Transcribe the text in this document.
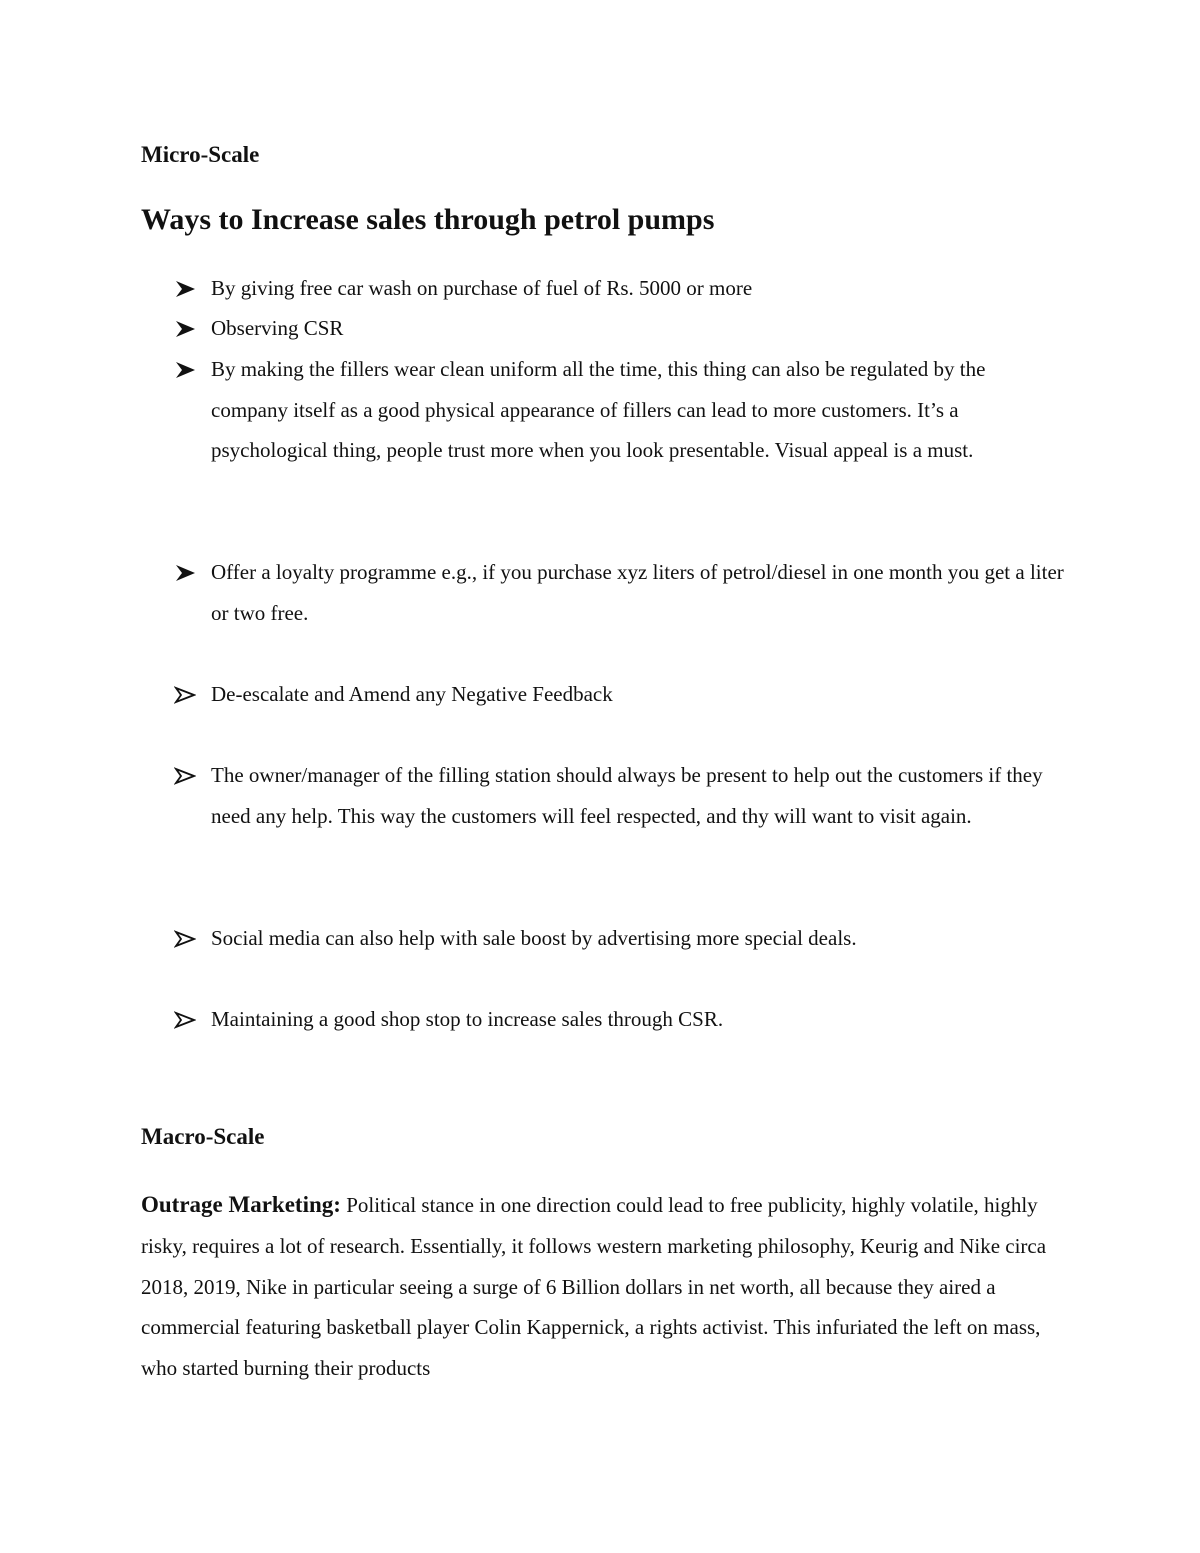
Micro-Scale
Ways to Increase sales through petrol pumps
By giving free car wash on purchase of fuel of Rs. 5000 or more
Observing CSR
By making the fillers wear clean uniform all the time, this thing can also be regulated by the company itself as a good physical appearance of fillers can lead to more customers. It’s a psychological thing, people trust more when you look presentable. Visual appeal is a must.
Offer a loyalty programme e.g., if you purchase xyz liters of petrol/diesel in one month you get a liter or two free.
De-escalate and Amend any Negative Feedback
The owner/manager of the filling station should always be present to help out the customers if they need any help. This way the customers will feel respected, and thy will want to visit again.
Social media can also help with sale boost by advertising more special deals.
Maintaining a good shop stop to increase sales through CSR.
Macro-Scale

Outrage Marketing: Political stance in one direction could lead to free publicity, highly volatile, highly risky, requires a lot of research. Essentially, it follows western marketing philosophy, Keurig and Nike circa 2018, 2019, Nike in particular seeing a surge of 6 Billion dollars in net worth, all because they aired a commercial featuring basketball player Colin Kappernick, a rights activist. This infuriated the left on mass, who started burning their products
